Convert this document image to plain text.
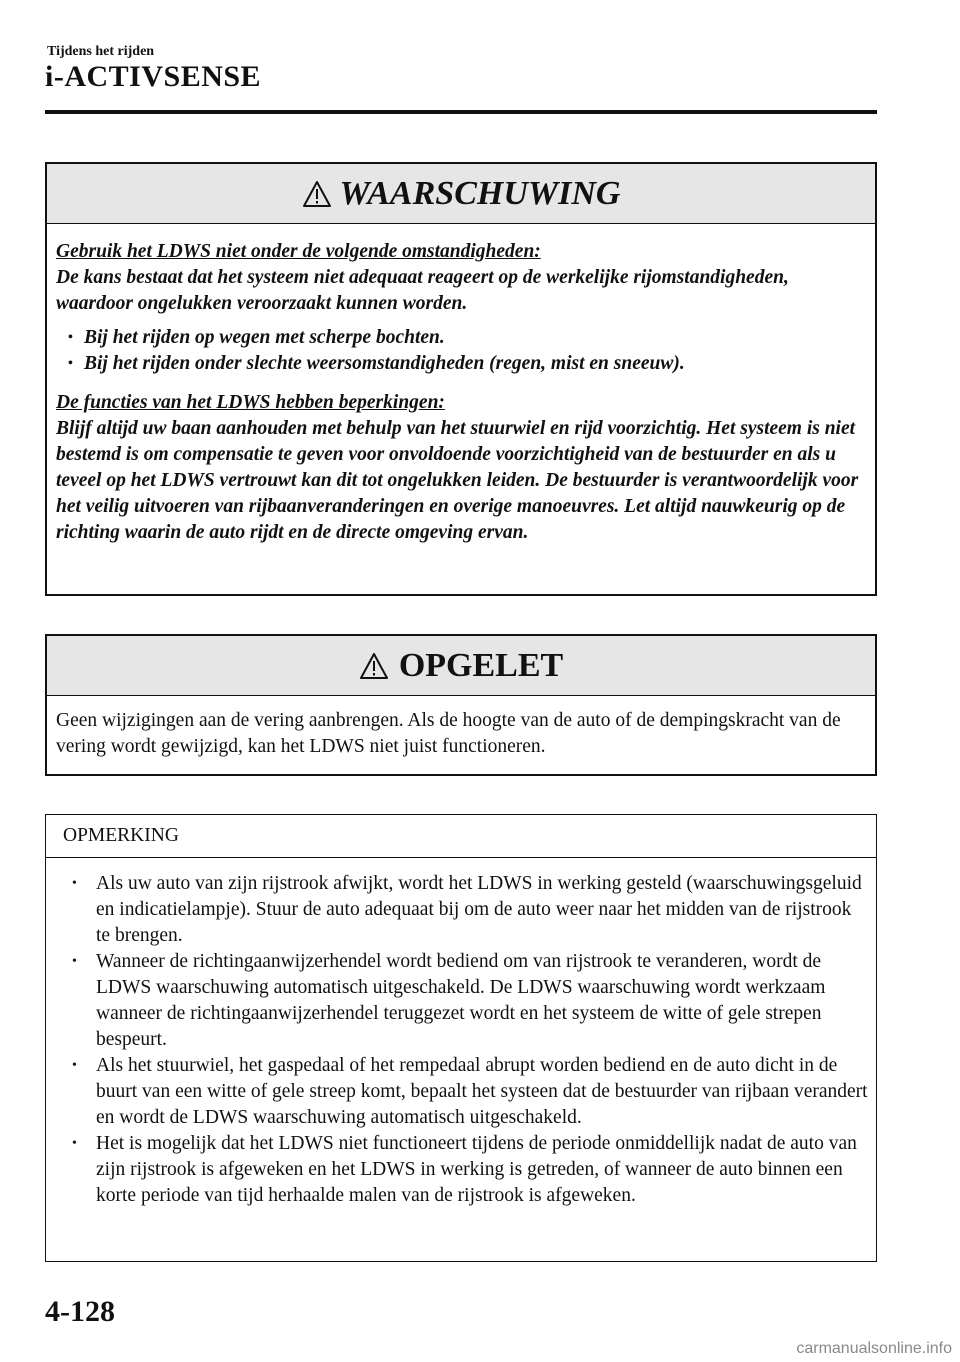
Tijdens het rijden
i-ACTIVSENSE
WAARSCHUWING
Gebruik het LDWS niet onder de volgende omstandigheden:
De kans bestaat dat het systeem niet adequaat reageert op de werkelijke rijomstandigheden, waardoor ongelukken veroorzaakt kunnen worden.
• Bij het rijden op wegen met scherpe bochten.
• Bij het rijden onder slechte weersomstandigheden (regen, mist en sneeuw).
De functies van het LDWS hebben beperkingen:
Blijf altijd uw baan aanhouden met behulp van het stuurwiel en rijd voorzichtig. Het systeem is niet bestemd is om compensatie te geven voor onvoldoende voorzichtigheid van de bestuurder en als u teveel op het LDWS vertrouwt kan dit tot ongelukken leiden. De bestuurder is verantwoordelijk voor het veilig uitvoeren van rijbaanveranderingen en overige manoeuvres. Let altijd nauwkeurig op de richting waarin de auto rijdt en de directe omgeving ervan.
OPGELET
Geen wijzigingen aan de vering aanbrengen. Als de hoogte van de auto of de dempingskracht van de vering wordt gewijzigd, kan het LDWS niet juist functioneren.
OPMERKING
• Als uw auto van zijn rijstrook afwijkt, wordt het LDWS in werking gesteld (waarschuwingsgeluid en indicatielampje). Stuur de auto adequaat bij om de auto weer naar het midden van de rijstrook te brengen.
• Wanneer de richtingaanwijzerhendel wordt bediend om van rijstrook te veranderen, wordt de LDWS waarschuwing automatisch uitgeschakeld. De LDWS waarschuwing wordt werkzaam wanneer de richtingaanwijzerhendel teruggezet wordt en het systeem de witte of gele strepen bespeurt.
• Als het stuurwiel, het gaspedaal of het rempedaal abrupt worden bediend en de auto dicht in de buurt van een witte of gele streep komt, bepaalt het systeen dat de bestuurder van rijbaan verandert en wordt de LDWS waarschuwing automatisch uitgeschakeld.
• Het is mogelijk dat het LDWS niet functioneert tijdens de periode onmiddellijk nadat de auto van zijn rijstrook is afgeweken en het LDWS in werking is getreden, of wanneer de auto binnen een korte periode van tijd herhaalde malen van de rijstrook is afgeweken.
4-128
carmanualsonline.info
